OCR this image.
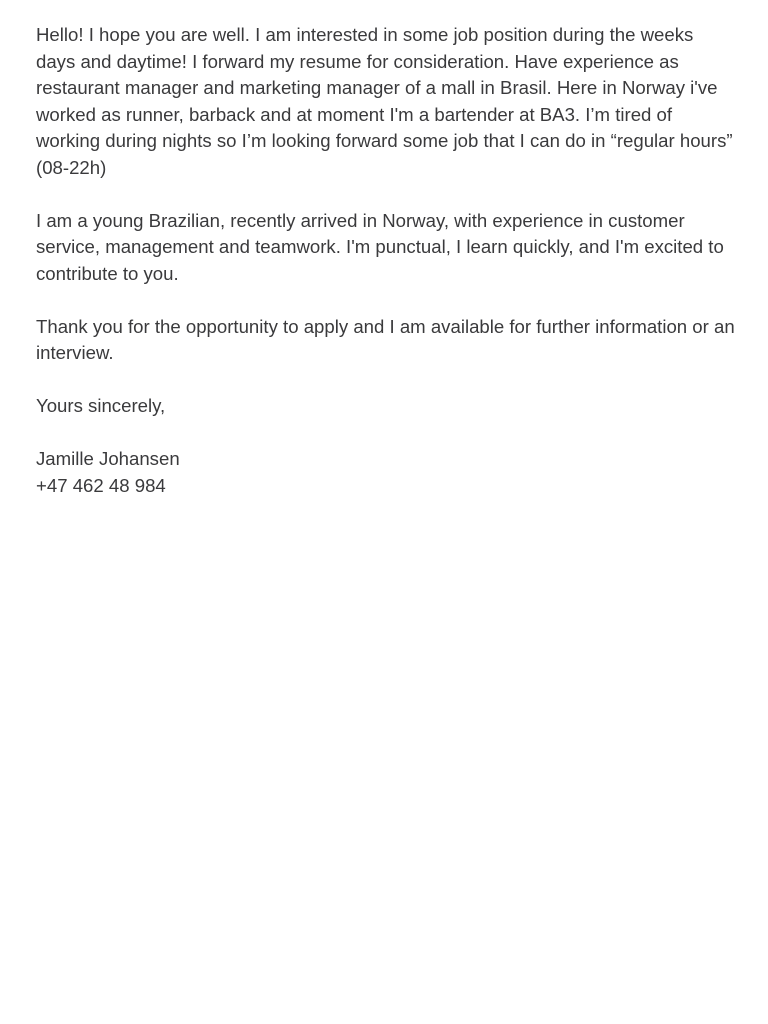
Hello! I hope you are well. I am interested in some job position during the weeks days and daytime! I forward my resume for consideration. Have experience as restaurant manager and marketing manager of a mall in Brasil. Here in Norway i've worked as runner, barback and at moment I'm a bartender at BA3. I’m tired of working during nights so I’m looking forward some job that I can do in “regular hours” (08-22h)

I am a young Brazilian, recently arrived in Norway, with experience in customer service, management and teamwork. I'm punctual, I learn quickly, and I'm excited to contribute to you.

Thank you for the opportunity to apply and I am available for further information or an interview.

Yours sincerely,

Jamille Johansen
+47 462 48 984
